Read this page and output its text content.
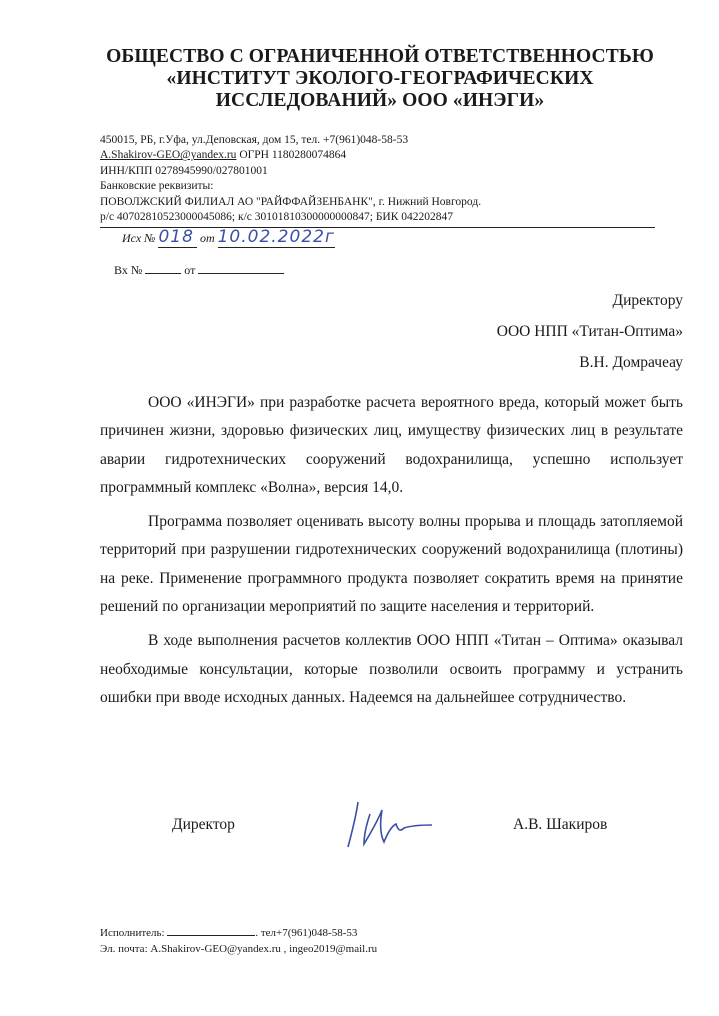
ОБЩЕСТВО С ОГРАНИЧЕННОЙ ОТВЕТСТВЕННОСТЬЮ
«ИНСТИТУТ ЭКОЛОГО-ГЕОГРАФИЧЕСКИХ
ИССЛЕДОВАНИЙ» ООО «ИНЭГИ»
450015, РБ, г.Уфа, ул.Деповская, дом 15, тел. +7(961)048-58-53
A.Shakirov-GEO@yandex.ru ОГРН 1180280074864
ИНН/КПП 0278945990/027801001
Банковские реквизиты:
ПОВОЛЖСКИЙ ФИЛИАЛ АО "РАЙФФАЙЗЕНБАНК", г. Нижний Новгород.
р/с 40702810523000045086; к/с 30101810300000000847; БИК 042202847
Исх № 018 от 10.02.2022г
Вх №	от
Директору
ООО НПП «Титан-Оптима»
В.Н. Домрачеау

ООО «ИНЭГИ» при разработке расчета вероятного вреда, который может быть причинен жизни, здоровью физических лиц, имуществу физических лиц в результате аварии гидротехнических сооружений водохранилища, успешно использует программный комплекс «Волна», версия 14,0.

Программа позволяет оценивать высоту волны прорыва и площадь затопляемой территорий при разрушении гидротехнических сооружений водохранилища (плотины) на реке. Применение программного продукта позволяет сократить время на принятие решений по организации мероприятий по защите населения и территорий.

В ходе выполнения расчетов коллектив ООО НПП «Титан – Оптима» оказывал необходимые консультации, которые позволили освоить программу и устранить ошибки при вводе исходных данных. Надеемся на дальнейшее сотрудничество.

Директор	А.В. Шакиров
Исполнитель:	. тел+7(961)048-58-53
Эл. почта: A.Shakirov-GEO@yandex.ru , ingeo2019@mail.ru
